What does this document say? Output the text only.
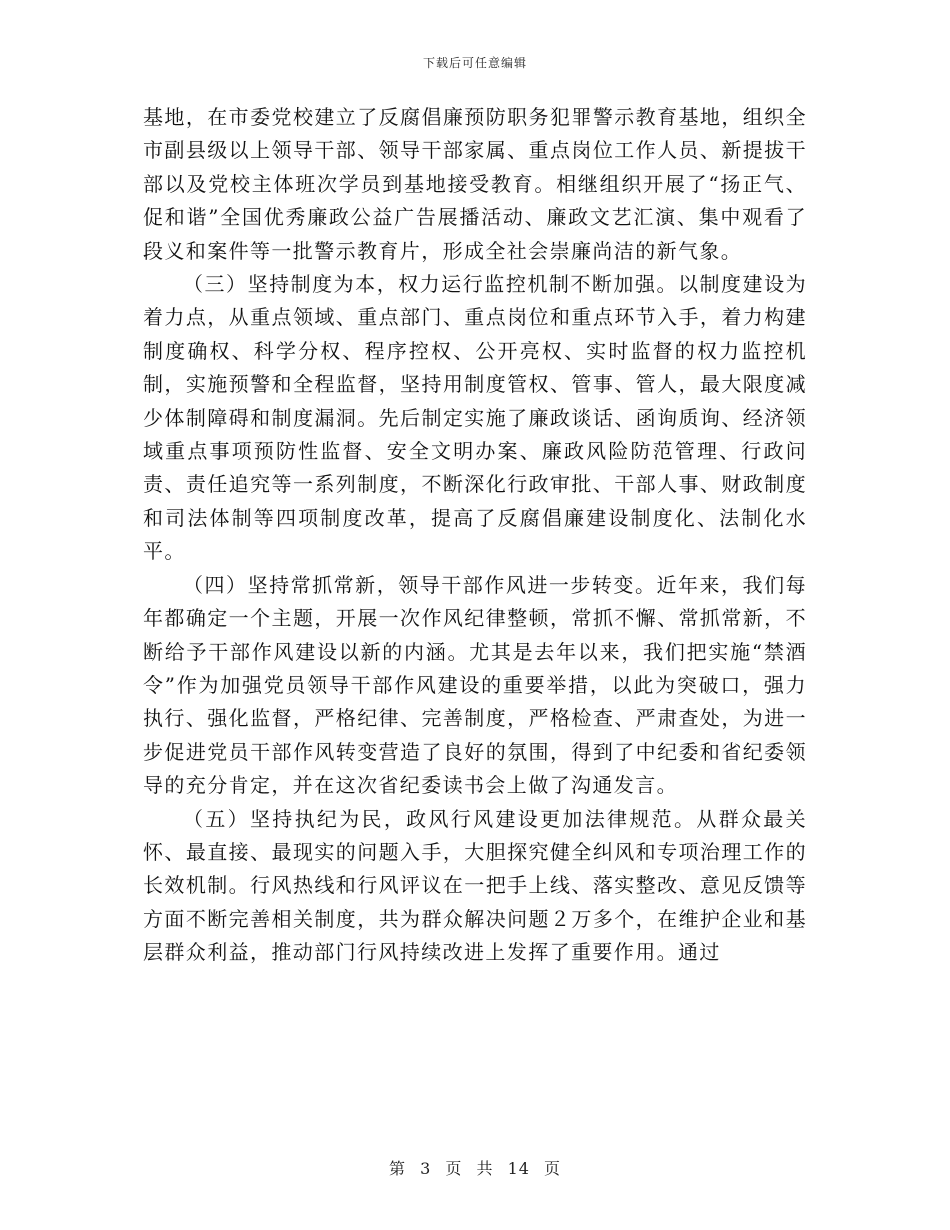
下载后可任意编辑

基地，在市委党校建立了反腐倡廉预防职务犯罪警示教育基地，组织全市副县级以上领导干部、领导干部家属、重点岗位工作人员、新提拔干部以及党校主体班次学员到基地接受教育。相继组织开展了“扬正气、促和谐”全国优秀廉政公益广告展播活动、廉政文艺汇演、集中观看了段义和案件等一批警示教育片，形成全社会崇廉尚洁的新气象。

（三）坚持制度为本，权力运行监控机制不断加强。以制度建设为着力点，从重点领域、重点部门、重点岗位和重点环节入手，着力构建制度确权、科学分权、程序控权、公开亮权、实时监督的权力监控机制，实施预警和全程监督，坚持用制度管权、管事、管人，最大限度减少体制障碍和制度漏洞。先后制定实施了廉政谈话、函询质询、经济领域重点事项预防性监督、安全文明办案、廉政风险防范管理、行政问责、责任追究等一系列制度，不断深化行政审批、干部人事、财政制度和司法体制等四项制度改革，提高了反腐倡廉建设制度化、法制化水平。

（四）坚持常抓常新，领导干部作风进一步转变。近年来，我们每年都确定一个主题，开展一次作风纪律整顿，常抓不懈、常抓常新，不断给予干部作风建设以新的内涵。尤其是去年以来，我们把实施“禁酒令”作为加强党员领导干部作风建设的重要举措，以此为突破口，强力执行、强化监督，严格纪律、完善制度，严格检查、严肃查处，为进一步促进党员干部作风转变营造了良好的氛围，得到了中纪委和省纪委领导的充分肯定，并在这次省纪委读书会上做了沟通发言。

（五）坚持执纪为民，政风行风建设更加法律规范。从群众最关怀、最直接、最现实的问题入手，大胆探究健全纠风和专项治理工作的长效机制。行风热线和行风评议在一把手上线、落实整改、意见反馈等方面不断完善相关制度，共为群众解决问题２万多个，在维护企业和基层群众利益，推动部门行风持续改进上发挥了重要作用。通过

第 3 页 共 14 页
